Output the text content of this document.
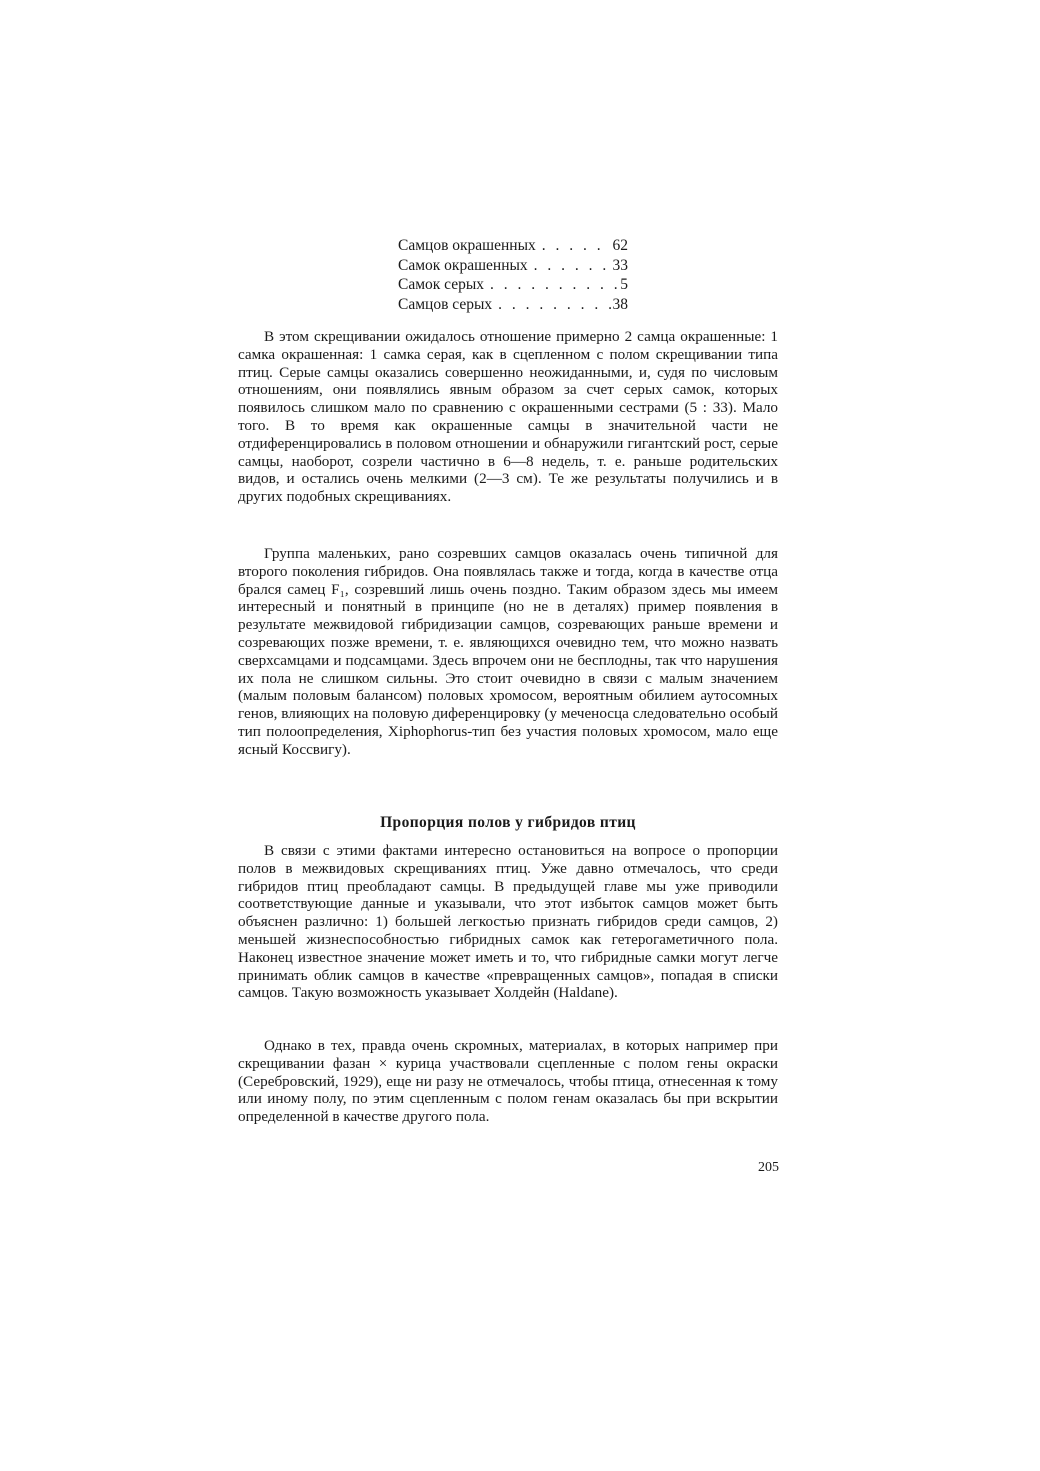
Самцов окрашенных . . .	62
Самок окрашенных . . .	33
Самок серых . . .	5
Самцов серых . . .	38

В этом скрещивании ожидалось отношение примерно 2 самца окрашенные: 1 самка окрашенная: 1 самка серая, как в сцепленном с полом скрещивании типа птиц. Серые самцы оказались совершенно неожиданными, и, судя по числовым отношениям, они появлялись явным образом за счет серых самок, которых появилось слишком мало по сравнению с окрашенными сестрами (5 : 33). Мало того. В то время как окрашенные самцы в значительной части не отдиференцировались в половом отношении и обнаружили гигантский рост, серые самцы, наоборот, созрели частично в 6—8 недель, т. е. раньше родительских видов, и остались очень мелкими (2—3 см). Те же результаты получились и в других подобных скрещиваниях.

Группа маленьких, рано созревших самцов оказалась очень типичной для второго поколения гибридов. Она появлялась также и тогда, когда в качестве отца брался самец F₁, созревший лишь очень поздно. Таким образом здесь мы имеем интересный и понятный в принципе (но не в деталях) пример появления в результате межвидовой гибридизации самцов, созревающих раньше времени и созревающих позже времени, т. е. являющихся очевидно тем, что можно назвать сверхсамцами и подсамцами. Здесь впрочем они не бесплодны, так что нарушения их пола не слишком сильны. Это стоит очевидно в связи с малым значением (малым половым балансом) половых хромосом, вероятным обилием аутосомных генов, влияющих на половую диференцировку (у меченосца следовательно особый тип полоопределения, Xiphophorus-тип без участия половых хромосом, мало еще ясный Коссвигу).

Пропорция полов у гибридов птиц

В связи с этими фактами интересно остановиться на вопросе о пропорции полов в межвидовых скрещиваниях птиц. Уже давно отмечалось, что среди гибридов птиц преобладают самцы. В предыдущей главе мы уже приводили соответствующие данные и указывали, что этот избыток самцов может быть объяснен различно: 1) большей легкостью признать гибридов среди самцов, 2) меньшей жизнеспособностью гибридных самок как гетерогаметичного пола. Наконец известное значение может иметь и то, что гибридные самки могут легче принимать облик самцов в качестве «превращенных самцов», попадая в списки самцов. Такую возможность указывает Холдейн (Haldane).

Однако в тех, правда очень скромных, материалах, в которых например при скрещивании фазан × курица участвовали сцепленные с полом гены окраски (Серебровский, 1929), еще ни разу не отмечалось, чтобы птица, отнесенная к тому или иному полу, по этим сцепленным с полом генам оказалась бы при вскрытии определенной в качестве другого пола.

205
